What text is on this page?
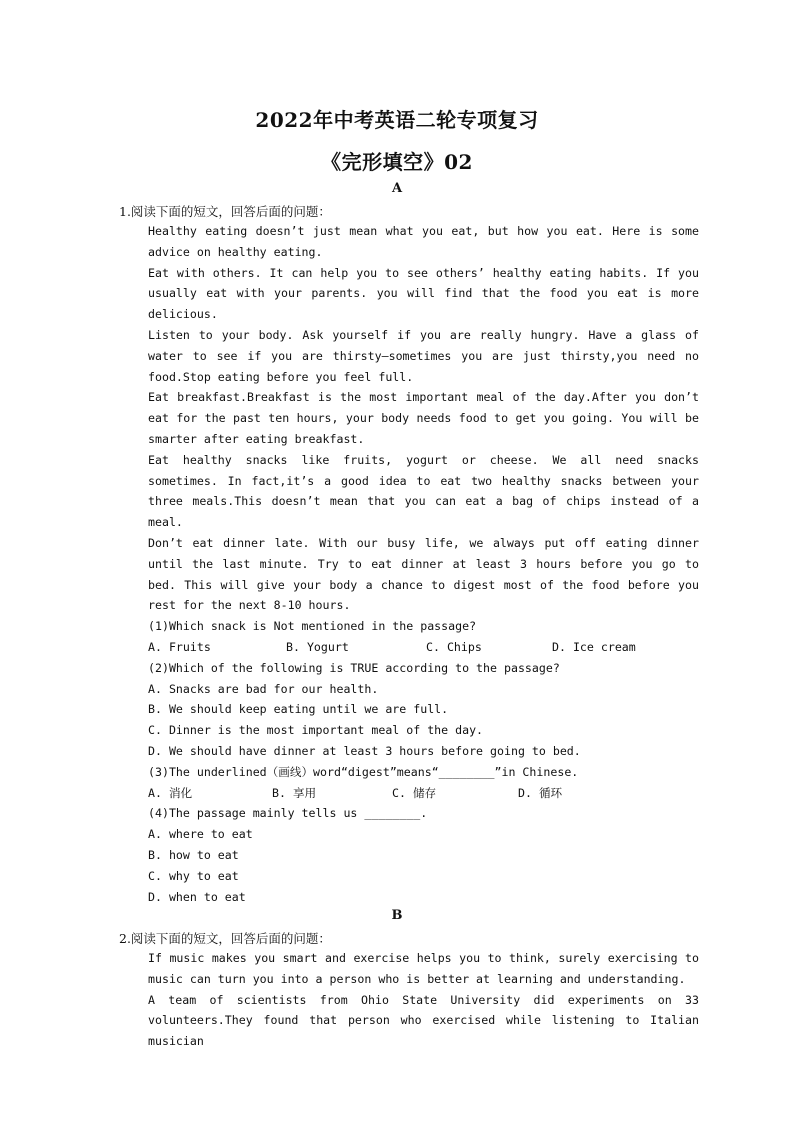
2022年中考英语二轮专项复习
《完形填空》02
A
1.阅读下面的短文，回答后面的问题：

Healthy eating doesn’t just mean what you eat, but how you eat. Here is some advice on healthy eating.

Eat with others. It can help you to see others’ healthy eating habits. If you usually eat with your parents. you will find that the food you eat is more delicious.

Listen to your body. Ask yourself if you are really hungry. Have a glass of water to see if you are thirsty—sometimes you are just thirsty,you need no food.Stop eating before you feel full.

Eat breakfast.Breakfast is the most important meal of the day.After you don’t eat for the past ten hours, your body needs food to get you going. You will be smarter after eating breakfast.

Eat healthy snacks like fruits, yogurt or cheese. We all need snacks sometimes. In fact,it’s a good idea to eat two healthy snacks between your three meals.This doesn’t mean that you can eat a bag of chips instead of a meal.

Don’t eat dinner late. With our busy life, we always put off eating dinner until the last minute. Try to eat dinner at least 3 hours before you go to bed. This will give your body a chance to digest most of the food before you rest for the next 8-10 hours.

(1)Which snack is Not mentioned in the passage?
A. Fruits	B. Yogurt	C. Chips	D. Ice cream
(2)Which of the following is TRUE according to the passage?
A. Snacks are bad for our health.
B. We should keep eating until we are full.
C. Dinner is the most important meal of the day.
D. We should have dinner at least 3 hours before going to bed.
(3)The underlined（画线）word“digest”means“________”in Chinese.
A. 消化	B. 享用	C. 储存	D. 循环
(4)The passage mainly tells us ________.
A. where to eat
B. how to eat
C. why to eat
D. when to eat
B
2.阅读下面的短文，回答后面的问题：

If music makes you smart and exercise helps you to think, surely exercising to music can turn you into a person who is better at learning and understanding.

A team of scientists from Ohio State University did experiments on 33 volunteers.They found that person who exercised while listening to Italian musician
